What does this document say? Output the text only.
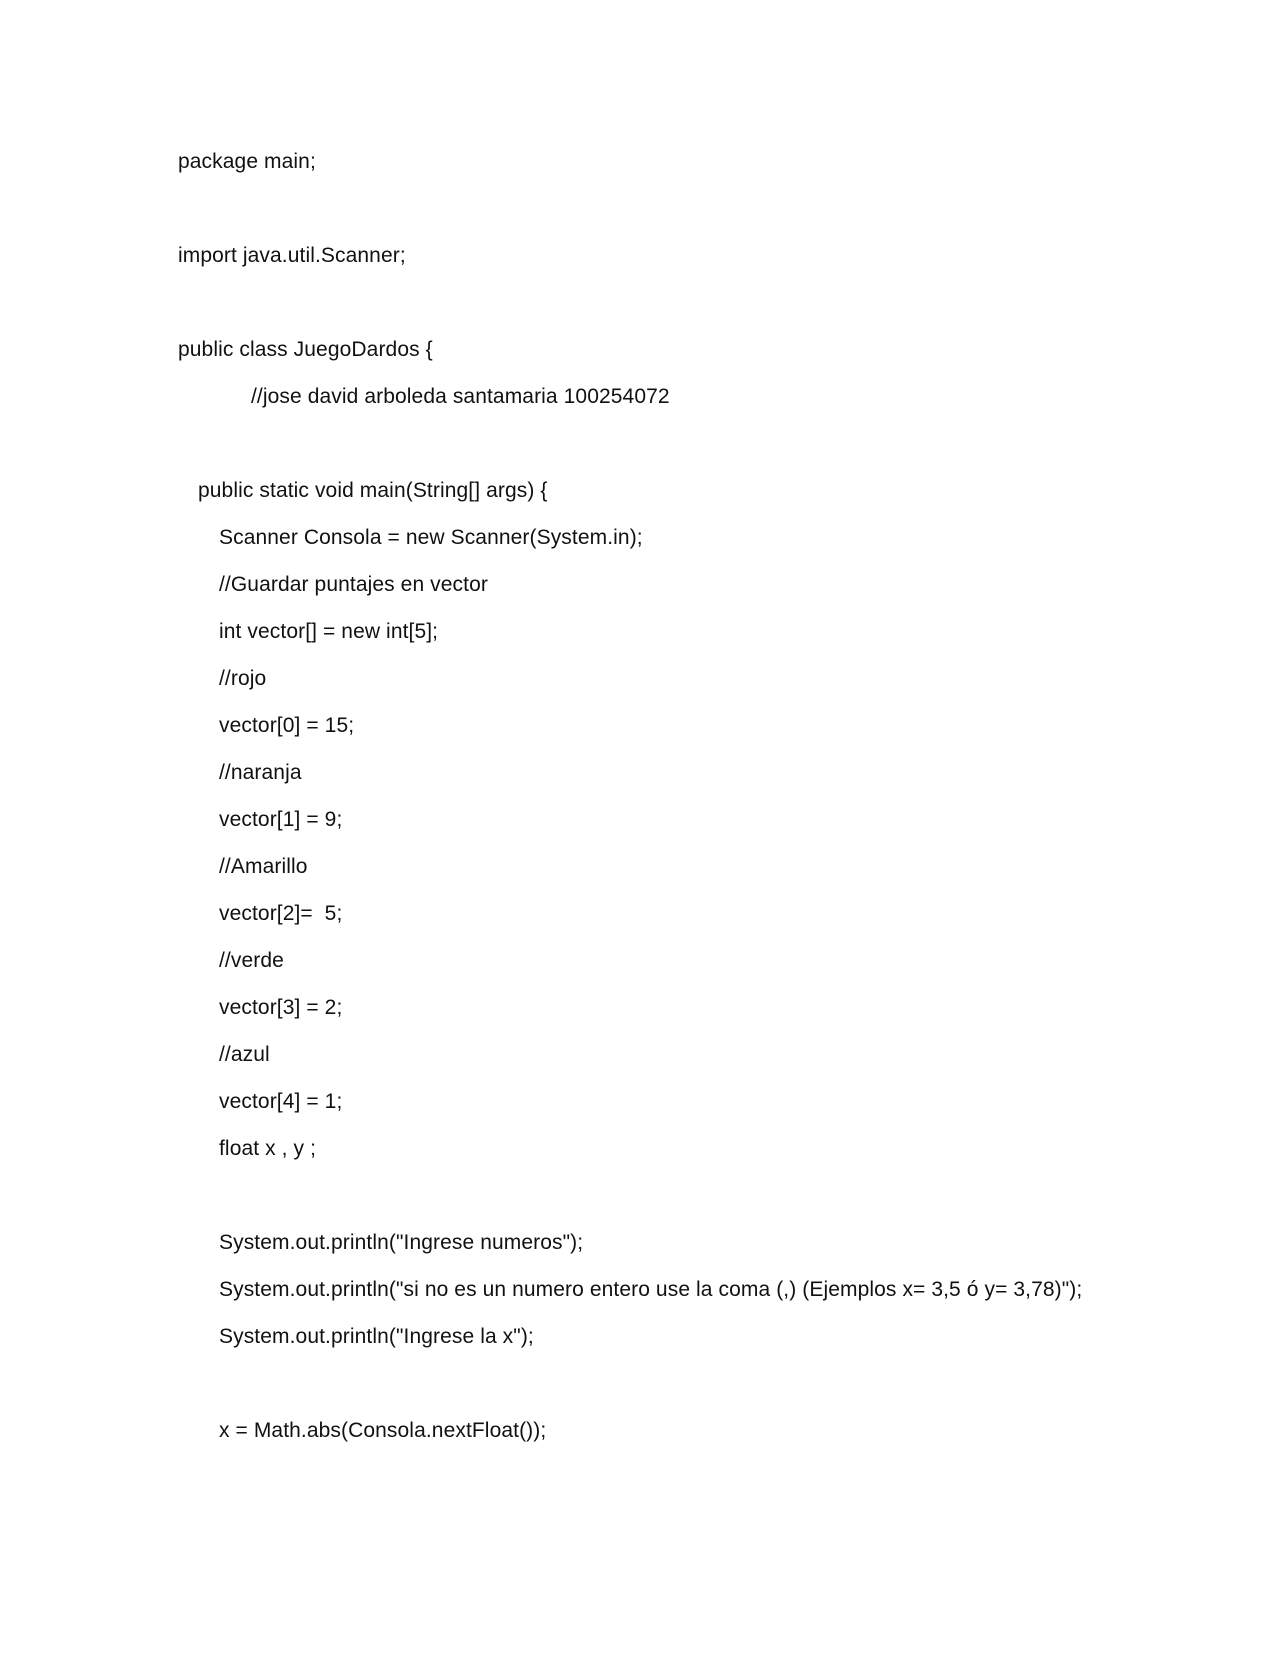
package main;
import java.util.Scanner;
public class JuegoDardos {
//jose david arboleda santamaria 100254072
public static void main(String[] args) {
Scanner Consola = new Scanner(System.in);
//Guardar puntajes en vector
int vector[] = new int[5];
//rojo
vector[0] = 15;
//naranja
vector[1] = 9;
//Amarillo
vector[2]=  5;
//verde
vector[3] = 2;
//azul
vector[4] = 1;
float x , y ;
System.out.println("Ingrese numeros");
System.out.println("si no es un numero entero use la coma (,) (Ejemplos x= 3,5 ó y= 3,78)");
System.out.println("Ingrese la x");
x = Math.abs(Consola.nextFloat());
